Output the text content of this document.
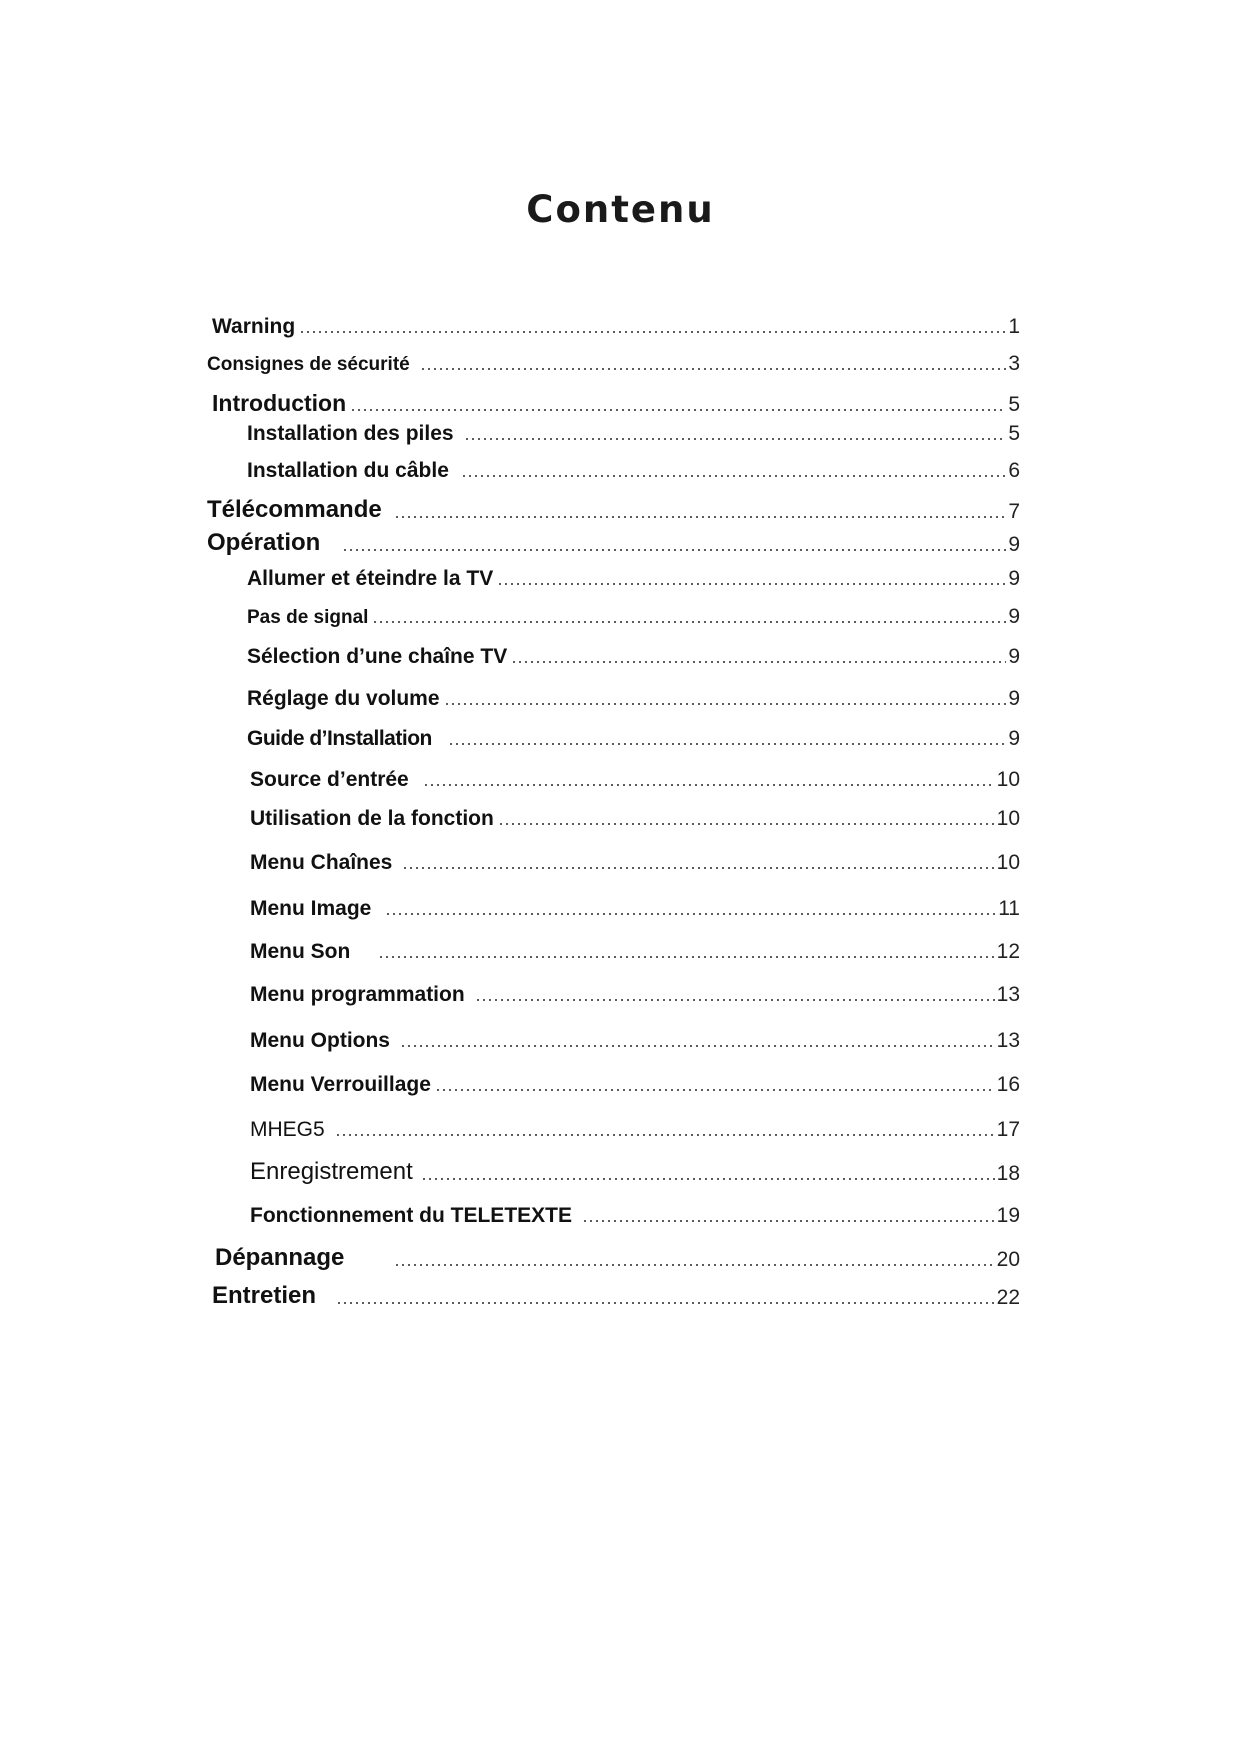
Contenu
Warning	1
Consignes de sécurité	3
Introduction	5
Installation des piles	5
Installation du câble	6
Télécommande	7
Opération	9
Allumer et éteindre la TV	9
Pas de signal	9
Sélection d’une chaîne TV	9
Réglage du volume	9
Guide d’Installation	9
Source d’entrée	10
Utilisation de la fonction	10
Menu Chaînes	10
Menu Image	11
Menu Son	12
Menu programmation	13
Menu Options	13
Menu Verrouillage	16
MHEG5	17
Enregistrement	18
Fonctionnement du TELETEXTE	19
Dépannage	20
Entretien	22
